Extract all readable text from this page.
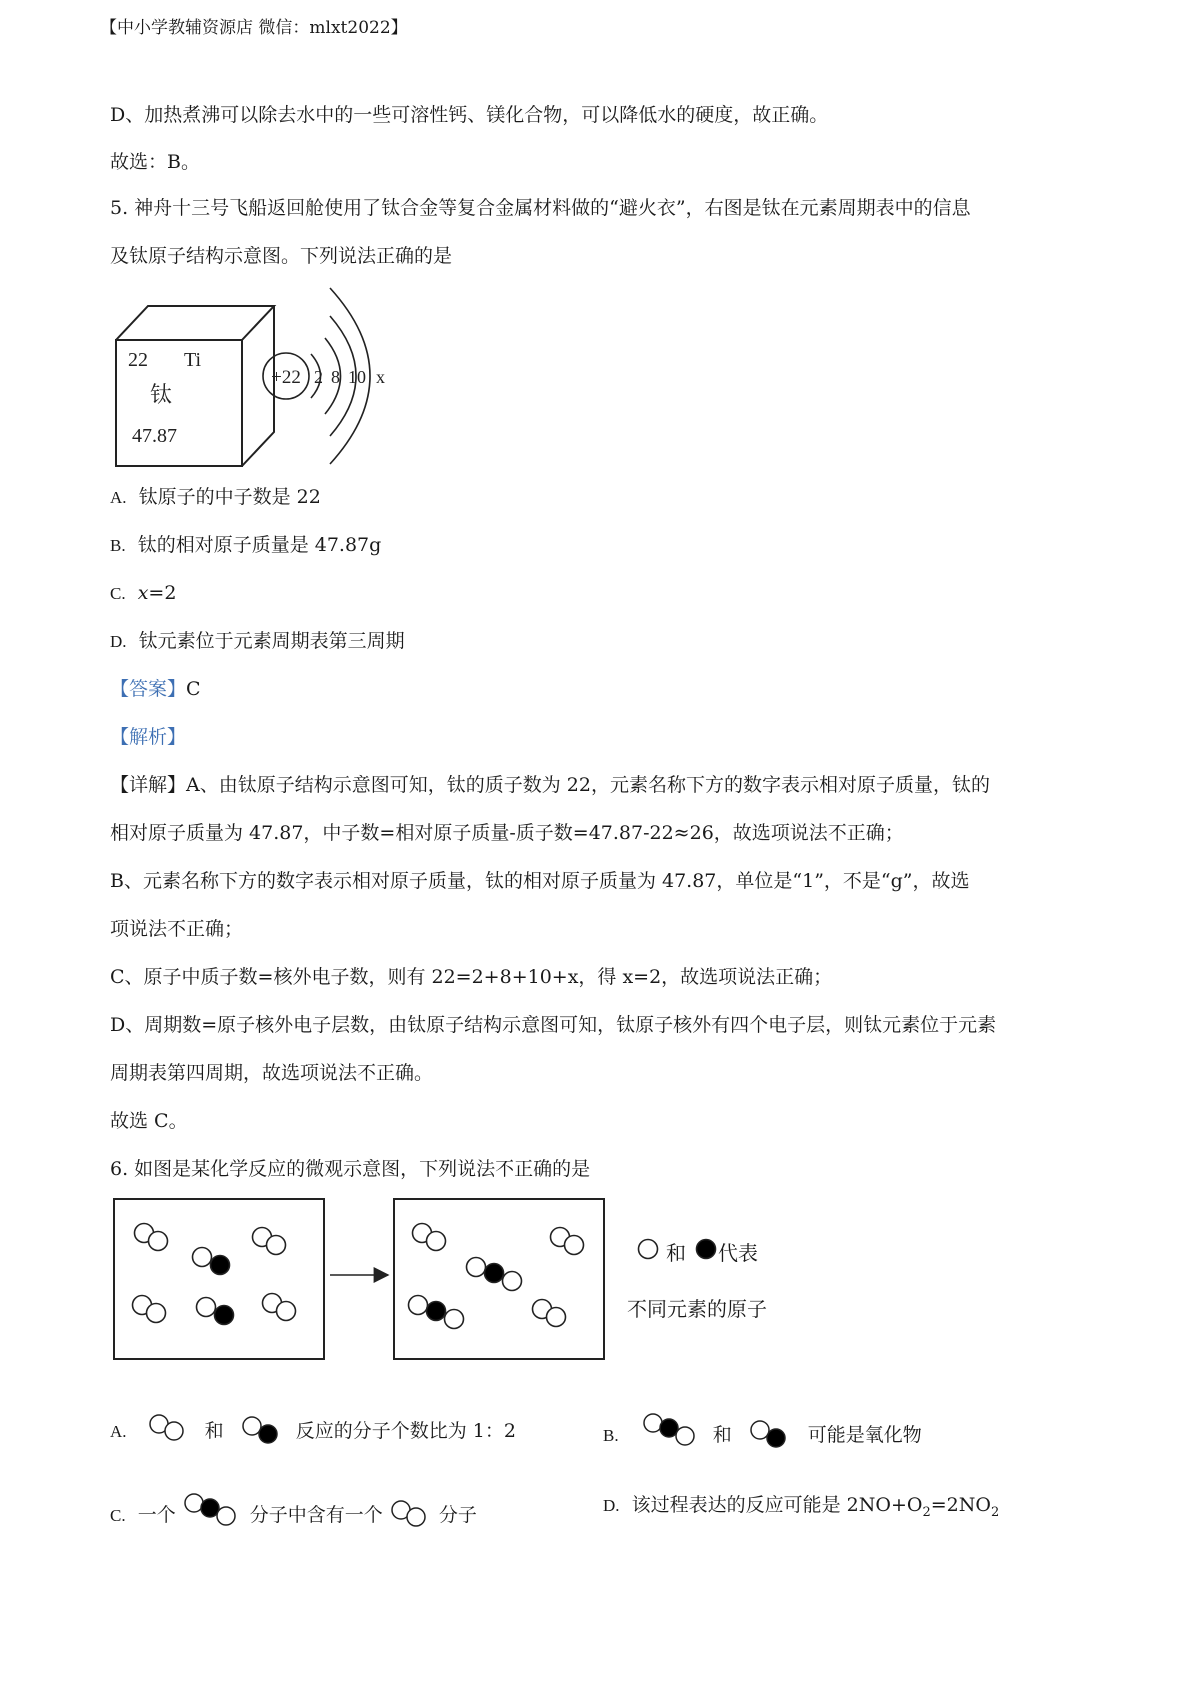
【中小学教辅资源店 微信：mlxt2022】
D、加热煮沸可以除去水中的一些可溶性钙、镁化合物，可以降低水的硬度，故正确。
故选：B。
5. 神舟十三号飞船返回舱使用了钛合金等复合金属材料做的“避火衣”，右图是钛在元素周期表中的信息
及钛原子结构示意图。下列说法正确的是
22 Ti
钛
47.87
+22 2 8 10 x
A. 钛原子的中子数是 22
B. 钛的相对原子质量是 47.87g
C. x=2
D. 钛元素位于元素周期表第三周期
【答案】C
【解析】
【详解】A、由钛原子结构示意图可知，钛的质子数为 22，元素名称下方的数字表示相对原子质量，钛的
相对原子质量为 47.87，中子数=相对原子质量-质子数=47.87-22≈26，故选项说法不正确；
B、元素名称下方的数字表示相对原子质量，钛的相对原子质量为 47.87，单位是“1”，不是“g”，故选
项说法不正确；
C、原子中质子数=核外电子数，则有 22=2+8+10+x，得 x=2，故选项说法正确；
D、周期数=原子核外电子层数，由钛原子结构示意图可知，钛原子核外有四个电子层，则钛元素位于元素
周期表第四周期，故选项说法不正确。
故选 C。
6. 如图是某化学反应的微观示意图，下列说法不正确的是
和 代表
不同元素的原子
A.	和	反应的分子个数比为 1：2	B.	和	可能是氧化物
C. 一个	分子中含有一个	分子	D. 该过程表达的反应可能是 $2NO+O_2=2NO_2$
